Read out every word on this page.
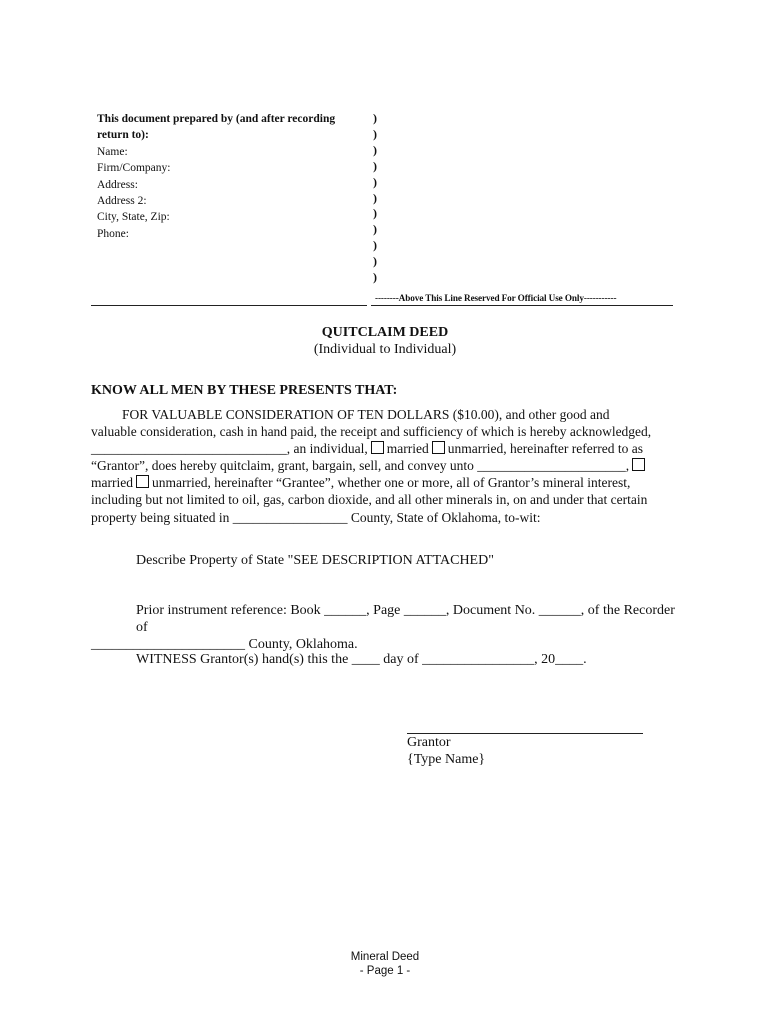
This document prepared by (and after recording
return to):
Name:
Firm/Company:
Address:
Address 2:
City, State, Zip:
Phone:
)
)
)
)
)
)
)
)
)
)
)
--------Above This Line Reserved For Official Use Only-----------
QUITCLAIM DEED
(Individual to Individual)
KNOW ALL MEN BY THESE PRESENTS THAT:
FOR VALUABLE CONSIDERATION OF TEN DOLLARS ($10.00), and other good and
valuable consideration, cash in hand paid, the receipt and sufficiency of which is hereby acknowledged,
_____________________________, an individual, married unmarried, hereinafter referred to as
“Grantor”, does hereby quitclaim, grant, bargain, sell, and convey unto ______________________,
married unmarried, hereinafter “Grantee”, whether one or more, all of Grantor’s mineral interest,
including but not limited to oil, gas, carbon dioxide, and all other minerals in, on and under that certain
property being situated in _________________ County, State of Oklahoma, to-wit:
Describe Property of State "SEE DESCRIPTION ATTACHED"
Prior instrument reference: Book ______, Page ______, Document No. ______, of the Recorder of
______________________ County, Oklahoma.
WITNESS Grantor(s) hand(s) this the ____ day of ________________, 20____.
Grantor
{Type Name}
Mineral Deed
- Page 1 -
